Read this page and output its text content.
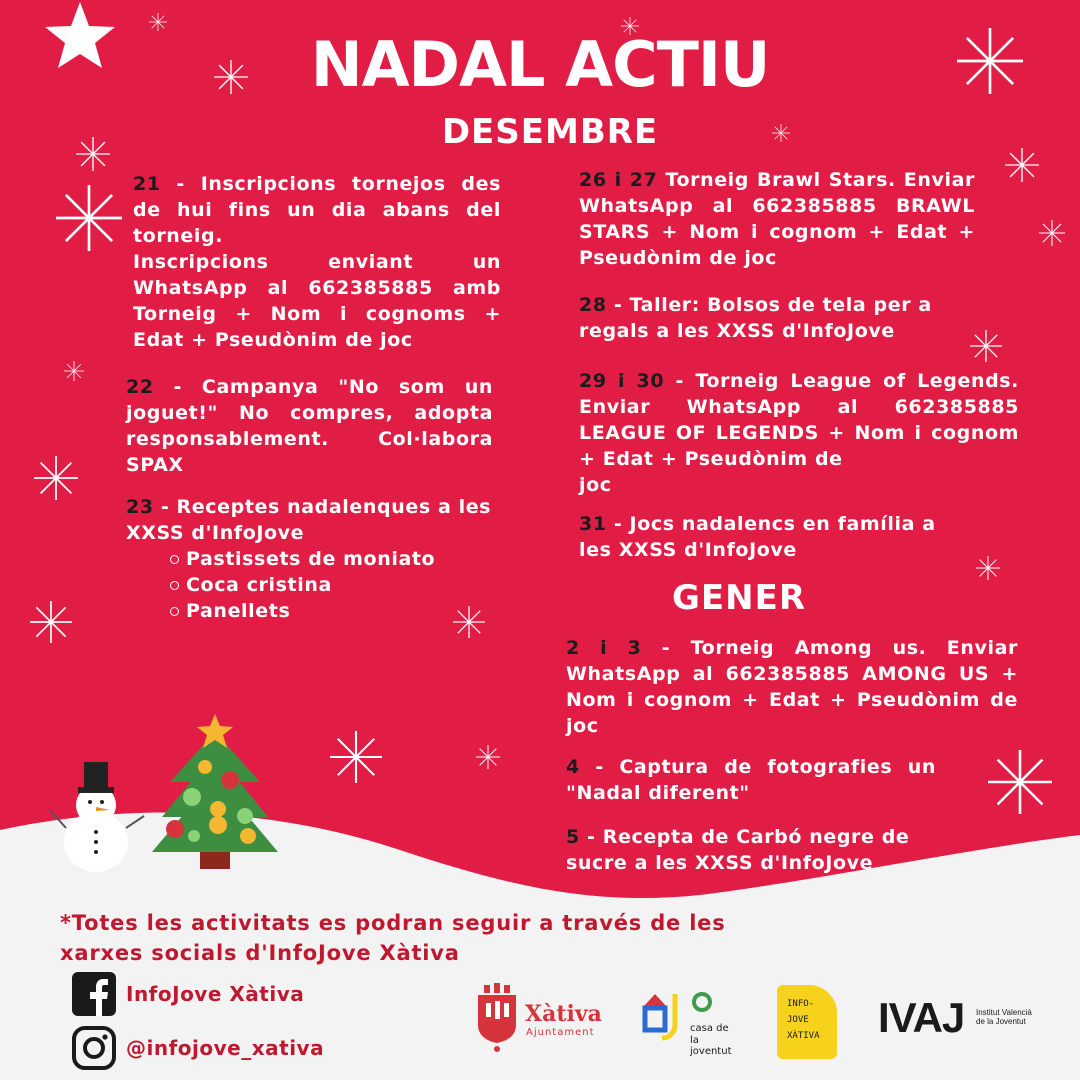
NADAL ACTIU
DESEMBRE

21 - Inscripcions tornejos des de hui fins un dia abans del torneig.

Inscripcions enviant un WhatsApp al 662385885 amb Torneig + Nom i cognoms + Edat + Pseudònim de joc

22 - Campanya "No som un joguet!" No compres, adopta responsablement. Col·labora SPAX

23 - Receptes nadalenques a les XXSS d'InfoJove

Pastissets de moniato
Coca cristina
Panellets

26 i 27 Torneig Brawl Stars. Enviar WhatsApp al 662385885 BRAWL STARS + Nom i cognom + Edat + Pseudònim de joc

28 - Taller: Bolsos de tela per a regals a les XXSS d'InfoJove

29 i 30 - Torneig League of Legends. Enviar WhatsApp al 662385885 LEAGUE OF LEGENDS + Nom i cognom + Edat + Pseudònim de

joc

31 - Jocs nadalencs en família a les XXSS d'InfoJove

GENER

2 i 3 - Torneig Among us. Enviar WhatsApp al 662385885 AMONG US + Nom i cognom + Edat + Pseudònim de joc

4 - Captura de fotografies un "Nadal diferent"

5 - Recepta de Carbó negre de sucre a les XXSS d'InfoJove

*Totes les activitats es podran seguir a través de les xarxes socials d'InfoJove Xàtiva

InfoJove Xàtiva
@infojove_xativa
Xàtiva
Ajuntament	casa de
la joventut
INFO-
JOVE
XÀTIVA IVAJ Institut Valencià
de la Joventut
